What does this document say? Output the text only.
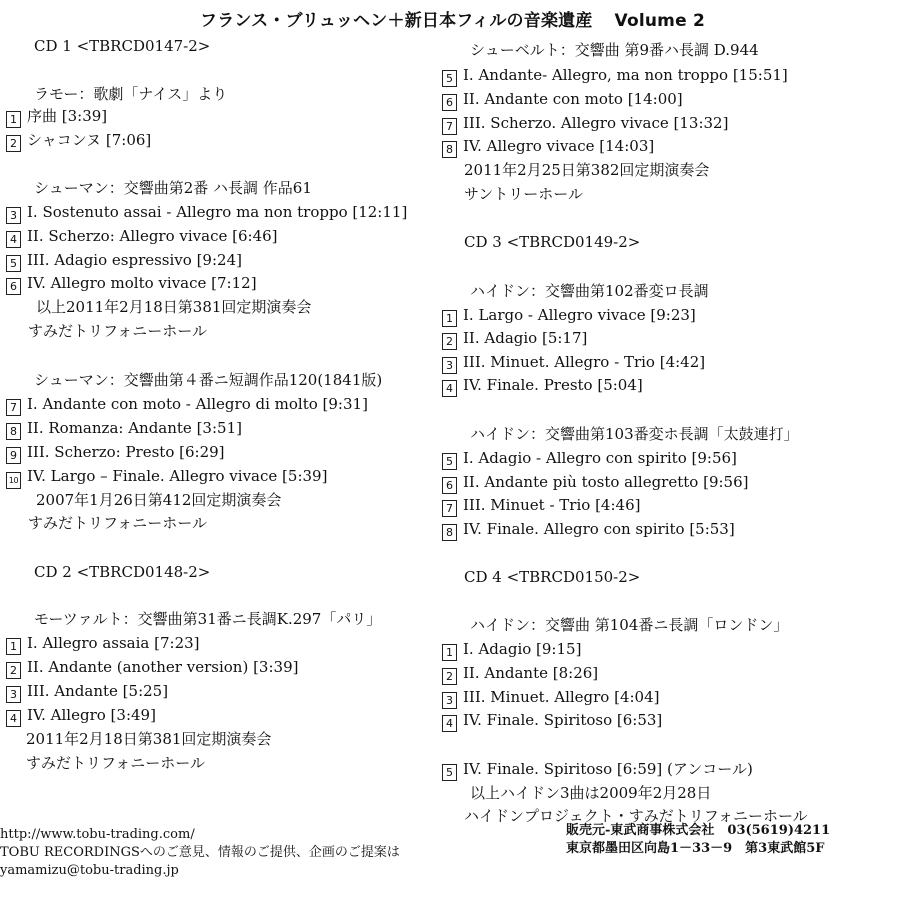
フランス・ブリュッヘン＋新日本フィルの音楽遺産 Volume 2
CD 1 <TBRCD0147-2>
ラモー：歌劇「ナイス」より
1 序曲 [3:39]
2 シャコンヌ [7:06]
シューマン：交響曲第2番 ハ長調 作品61
3 I. Sostenuto assai - Allegro ma non troppo [12:11]
4 II. Scherzo: Allegro vivace [6:46]
5 III. Adagio espressivo [9:24]
6 IV. Allegro molto vivace [7:12]
以上2011年2月18日第381回定期演奏会
すみだトリフォニーホール
シューマン：交響曲第４番ニ短調作品120(1841版)
7 I. Andante con moto - Allegro di molto [9:31]
8 II. Romanza: Andante [3:51]
9 III. Scherzo: Presto [6:29]
10 IV. Largo – Finale. Allegro vivace [5:39]
2007年1月26日第412回定期演奏会
すみだトリフォニーホール
CD 2 <TBRCD0148-2>
モーツァルト：交響曲第31番ニ長調K.297「パリ」
1 I. Allegro assaia [7:23]
2 II. Andante (another version) [3:39]
3 III. Andante [5:25]
4 IV. Allegro [3:49]
2011年2月18日第381回定期演奏会
すみだトリフォニーホール
シューベルト：交響曲 第9番ハ長調 D.944
5 I. Andante- Allegro, ma non troppo [15:51]
6 II. Andante con moto [14:00]
7 III. Scherzo. Allegro vivace [13:32]
8 IV. Allegro vivace [14:03]
2011年2月25日第382回定期演奏会
サントリーホール
CD 3 <TBRCD0149-2>
ハイドン：交響曲第102番変ロ長調
1 I. Largo - Allegro vivace [9:23]
2 II. Adagio [5:17]
3 III. Minuet. Allegro - Trio [4:42]
4 IV. Finale. Presto [5:04]
ハイドン：交響曲第103番変ホ長調「太鼓連打」
5 I. Adagio - Allegro con spirito [9:56]
6 II. Andante più tosto allegretto [9:56]
7 III. Minuet - Trio [4:46]
8 IV. Finale. Allegro con spirito [5:53]
CD 4 <TBRCD0150-2>
ハイドン：交響曲 第104番ニ長調「ロンドン」
1 I. Adagio [9:15]
2 II. Andante [8:26]
3 III. Minuet. Allegro [4:04]
4 IV. Finale. Spiritoso [6:53]
5 IV. Finale. Spiritoso [6:59] (アンコール)
以上ハイドン3曲は2009年2月28日
ハイドンプロジェクト・すみだトリフォニーホール
http://www.tobu-trading.com/
TOBU RECORDINGSへのご意見、情報のご提供、企画のご提案は
yamamizu@tobu-trading.jp
販売元-東武商事株式会社　03(5619)4211
東京都墨田区向島1－33－9　第3東武館5F
